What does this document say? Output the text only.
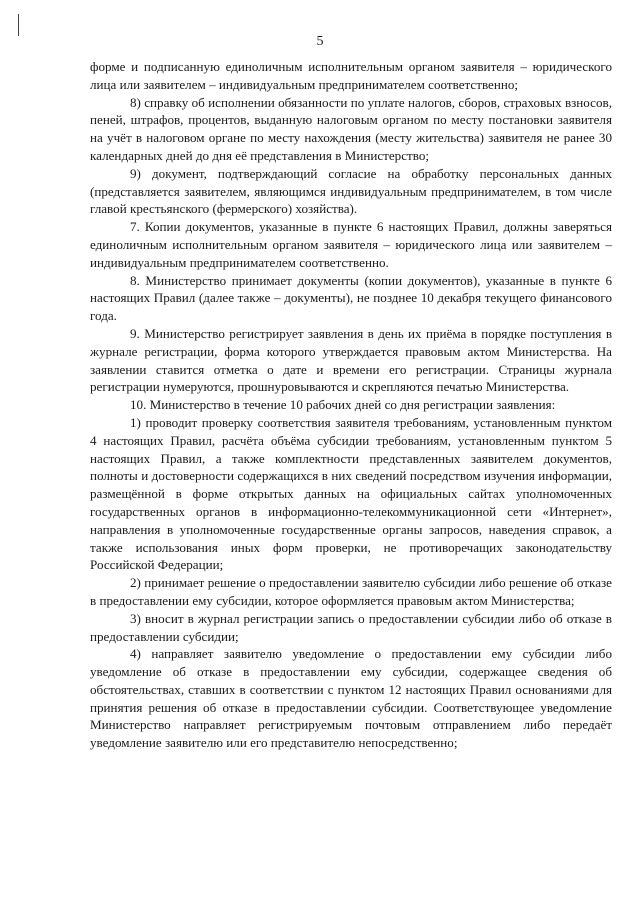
5

форме и подписанную единоличным исполнительным органом заявителя – юридического лица или заявителем – индивидуальным предпринимателем соответственно;

8) справку об исполнении обязанности по уплате налогов, сборов, страховых взносов, пеней, штрафов, процентов, выданную налоговым органом по месту постановки заявителя на учёт в налоговом органе по месту нахождения (месту жительства) заявителя не ранее 30 календарных дней до дня её представления в Министерство;

9) документ, подтверждающий согласие на обработку персональных данных (представляется заявителем, являющимся индивидуальным предпринимателем, в том числе главой крестьянского (фермерского) хозяйства).

7. Копии документов, указанные в пункте 6 настоящих Правил, должны заверяться единоличным исполнительным органом заявителя – юридического лица или заявителем – индивидуальным предпринимателем соответственно.

8. Министерство принимает документы (копии документов), указанные в пункте 6 настоящих Правил (далее также – документы), не позднее 10 декабря текущего финансового года.

9. Министерство регистрирует заявления в день их приёма в порядке поступления в журнале регистрации, форма которого утверждается правовым актом Министерства. На заявлении ставится отметка о дате и времени его регистрации. Страницы журнала регистрации нумеруются, прошнуровываются и скрепляются печатью Министерства.

10. Министерство в течение 10 рабочих дней со дня регистрации заявления:

1) проводит проверку соответствия заявителя требованиям, установленным пунктом 4 настоящих Правил, расчёта объёма субсидии требованиям, установленным пунктом 5 настоящих Правил, а также комплектности представленных заявителем документов, полноты и достоверности содержащихся в них сведений посредством изучения информации, размещённой в форме открытых данных на официальных сайтах уполномоченных государственных органов в информационно-телекоммуникационной сети «Интернет», направления в уполномоченные государственные органы запросов, наведения справок, а также использования иных форм проверки, не противоречащих законодательству Российской Федерации;

2) принимает решение о предоставлении заявителю субсидии либо решение об отказе в предоставлении ему субсидии, которое оформляется правовым актом Министерства;

3) вносит в журнал регистрации запись о предоставлении субсидии либо об отказе в предоставлении субсидии;

4) направляет заявителю уведомление о предоставлении ему субсидии либо уведомление об отказе в предоставлении ему субсидии, содержащее сведения об обстоятельствах, ставших в соответствии с пунктом 12 настоящих Правил основаниями для принятия решения об отказе в предоставлении субсидии. Соответствующее уведомление Министерство направляет регистрируемым почтовым отправлением либо передаёт уведомление заявителю или его представителю непосредственно;
